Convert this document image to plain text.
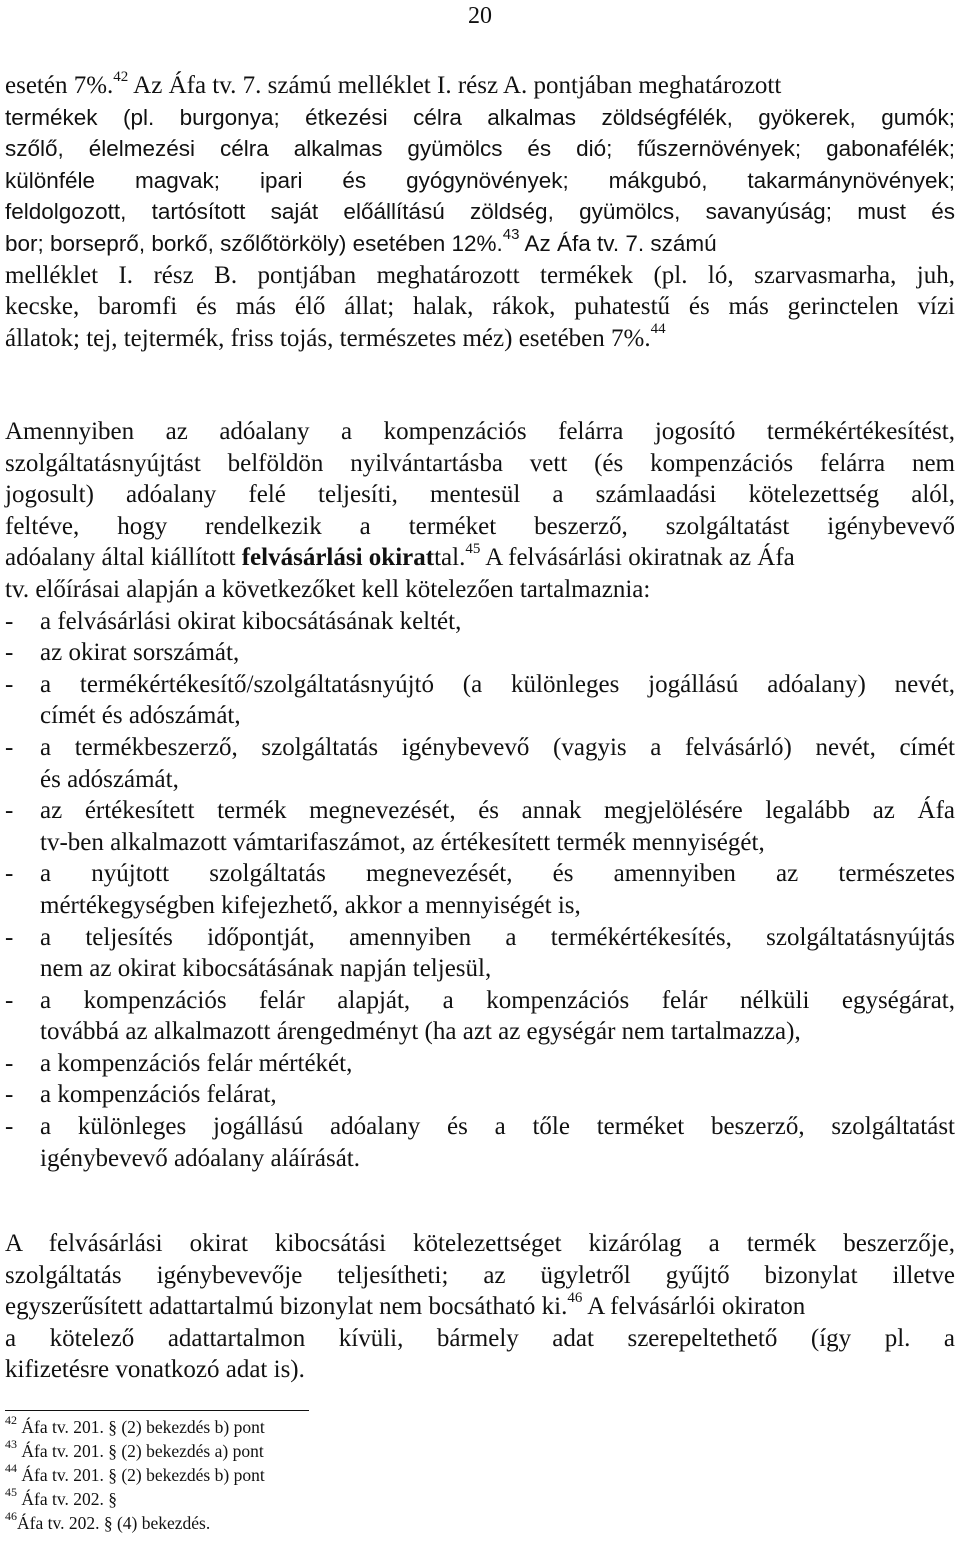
20
esetén 7%.$^{42}$ Az Áfa tv. 7. számú melléklet I. rész A. pontjában meghatározott
termékek (pl. burgonya; étkezési célra alkalmas zöldségfélék, gyökerek, gumók;
szőlő, élelmezési célra alkalmas gyümölcs és dió; fűszernövények; gabonafélék;
különféle magvak; ipari és gyógynövények; mákgubó, takarmánynövények;
feldolgozott, tartósított saját előállítású zöldség, gyümölcs, savanyúság; must és
bor; borseprő, borkő, szőlőtörköly) esetében 12%.$^{43}$ Az Áfa tv. 7. számú
melléklet I. rész B. pontjában meghatározott termékek (pl. ló, szarvasmarha, juh,
kecske, baromfi és más élő állat; halak, rákok, puhatestű és más gerinctelen vízi
állatok; tej, tejtermék, friss tojás, természetes méz) esetében 7%.$^{44}$
Amennyiben az adóalany a kompenzációs felárra jogosító termékértékesítést,
szolgáltatásnyújtást belföldön nyilvántartásba vett (és kompenzációs felárra nem
jogosult) adóalany felé teljesíti, mentesül a számlaadási kötelezettség alól,
feltéve, hogy rendelkezik a terméket beszerző, szolgáltatást igénybevevő
adóalany által kiállított felvásárlási okirattal.$^{45}$ A felvásárlási okiratnak az Áfa
tv. előírásai alapján a következőket kell kötelezően tartalmaznia:
- a felvásárlási okirat kibocsátásának keltét,
- az okirat sorszámát,
- a termékértékesítő/szolgáltatásnyújtó (a különleges jogállású adóalany) nevét,
címét és adószámát,
- a termékbeszerző, szolgáltatás igénybevevő (vagyis a felvásárló) nevét, címét
és adószámát,
- az értékesített termék megnevezését, és annak megjelölésére legalább az Áfa
tv-ben alkalmazott vámtarifaszámot, az értékesített termék mennyiségét,
- a nyújtott szolgáltatás megnevezését, és amennyiben az természetes
mértékegységben kifejezhető, akkor a mennyiségét is,
- a teljesítés időpontját, amennyiben a termékértékesítés, szolgáltatásnyújtás
nem az okirat kibocsátásának napján teljesül,
- a kompenzációs felár alapját, a kompenzációs felár nélküli egységárat,
továbbá az alkalmazott árengedményt (ha azt az egységár nem tartalmazza),
- a kompenzációs felár mértékét,
- a kompenzációs felárat,
- a különleges jogállású adóalany és a tőle terméket beszerző, szolgáltatást
igénybevevő adóalany aláírását.
A felvásárlási okirat kibocsátási kötelezettséget kizárólag a termék beszerzője,
szolgáltatás igénybevevője teljesítheti; az ügyletről gyűjtő bizonylat illetve
egyszerűsített adattartalmú bizonylat nem bocsátható ki.$^{46}$ A felvásárlói okiraton
a kötelező adattartalmon kívüli, bármely adat szerepeltethető (így pl. a
kifizetésre vonatkozó adat is).
$^{42}$ Áfa tv. 201. § (2) bekezdés b) pont
$^{43}$ Áfa tv. 201. § (2) bekezdés a) pont
$^{44}$ Áfa tv. 201. § (2) bekezdés b) pont
$^{45}$ Áfa tv. 202. §
$^{46}$Áfa tv. 202. § (4) bekezdés.
